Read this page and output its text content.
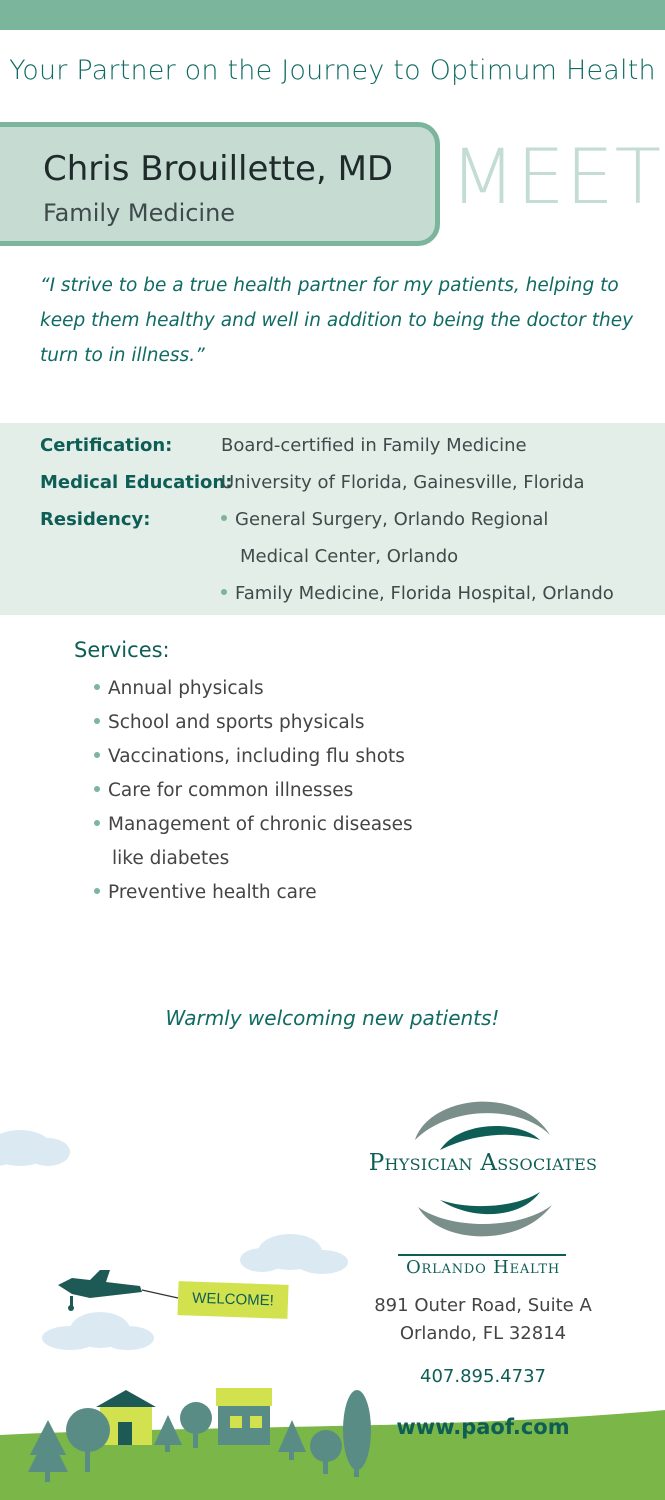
Your Partner on the Journey to Optimum Health
Chris Brouillette, MD
Family Medicine	MEET
“I strive to be a true health partner for my patients, helping to keep them healthy and well in addition to being the doctor they turn to in illness.”
Certification:	Board-certified in Family Medicine
Medical Education:
University of Florida, Gainesville, Florida
Residency:	General Surgery, Orlando Regional
Medical Center, Orlando
Family Medicine, Florida Hospital, Orlando
Services:
Annual physicals
School and sports physicals
Vaccinations, including flu shots
Care for common illnesses
Management of chronic diseases
like diabetes
Preventive health care
Warmly welcoming new patients!
WELCOME!
Physician Associates
Orlando Health
891 Outer Road, Suite A
Orlando, FL 32814
407.895.4737
www.paof.com
